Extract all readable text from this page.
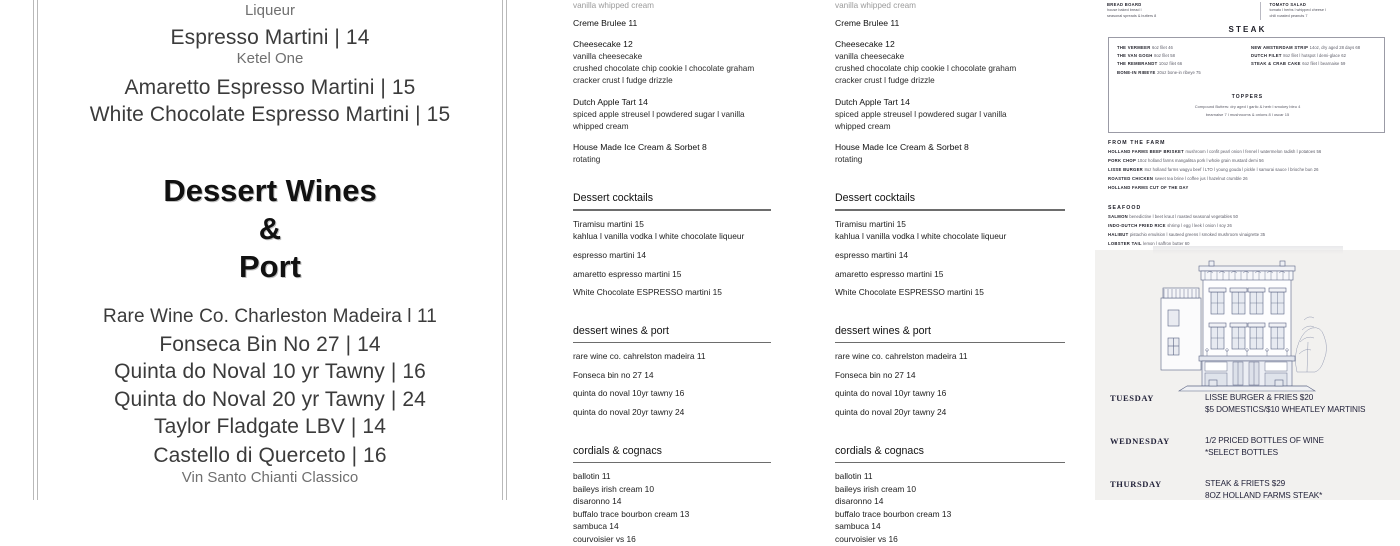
Liqueur
Espresso Martini | 14
Ketel One
Amaretto Espresso Martini | 15
White Chocolate Espresso Martini | 15
Dessert Wines
&
Port
Rare Wine Co. Charleston Madeira l 11
Fonseca Bin No 27 | 14
Quinta do Noval 10 yr Tawny | 16
Quinta do Noval 20 yr Tawny | 24
Taylor Fladgate LBV | 14
Castello di Querceto | 16
Vin Santo Chianti Classico
vanilla whipped cream
Creme Brulee 11
Cheesecake 12
vanilla cheesecake
crushed chocolate chip cookie l chocolate graham
cracker crust l fudge drizzle
Dutch Apple Tart 14
spiced apple streusel l powdered sugar l vanilla
whipped cream
House Made Ice Cream & Sorbet 8
rotating
Dessert cocktails
Tiramisu martini 15
kahlua l vanilla vodka l white chocolate liqueur
espresso martini 14
amaretto espresso martini 15
White Chocolate ESPRESSO martini 15
dessert wines & port
rare wine co. cahrelston madeira 11
Fonseca bin no 27 14
quinta do noval 10yr tawny 16
quinta do noval 20yr tawny 24
cordials & cognacs
ballotin 11
baileys irish cream 10
disaronno 14
buffalo trace bourbon cream 13
sambuca 14
courvoisier vs 16
vanilla whipped cream
Creme Brulee 11
Cheesecake 12
vanilla cheesecake
crushed chocolate chip cookie l chocolate graham
cracker crust l fudge drizzle
Dutch Apple Tart 14
spiced apple streusel l powdered sugar l vanilla
whipped cream
House Made Ice Cream & Sorbet 8
rotating
Dessert cocktails
Tiramisu martini 15
kahlua l vanilla vodka l white chocolate liqueur
espresso martini 14
amaretto espresso martini 15
White Chocolate ESPRESSO martini 15
dessert wines & port
rare wine co. cahrelston madeira 11
Fonseca bin no 27 14
quinta do noval 10yr tawny 16
quinta do noval 20yr tawny 24
cordials & cognacs
ballotin 11
baileys irish cream 10
disaronno 14
buffalo trace bourbon cream 13
sambuca 14
courvoisier vs 16
BREAD BOARD
house baked bread l
seasonal spreads & butters 8
TOMATO SALAD
tomato l herbs l whipped cheese l
chili roasted peanuts 7
STEAK
THE VERMEER 6oz filet 46
THE VAN GOGH 8oz filet 58
THE REMBRANDT 10oz filet 66
BONE-IN RIBEYE 20oz bone-in ribeye 75
NEW AMSTERDAM STRIP 14oz, dry aged 28 days 68
DUTCH FILET 8oz filet l hutspot l demi-glace 62
STEAK & CRAB CAKE 6oz filet l bearnaise 59
TOPPERS
Compound Butters: dry aged l garlic & herb l smokey bleu 4
bearnaise 7 l mushrooms & onions 8 l oscar 15
FROM THE FARM
HOLLAND FARMS BEEF BRISKET mushroom l confit pearl onion l fennel l watermelon radish l potatoes 56
PORK CHOP 10oz holland farms mangalitsa pork l whole grain mustard demi 56
LISSE BURGER 8oz holland farms wagyu beef l LTO l young gouda l pickle l samurai sauce l brioche bun 26
ROASTED CHICKEN sweet tea brine l coffee jus l hazelnut crumble 26
HOLLAND FARMS CUT OF THE DAY
SEAFOOD
SALMON benedictine l beet kraut l roasted seasonal vegetables 50
INDO-DUTCH FRIED RICE shrimp l egg l leek l onion l soy 26
HALIBUT pistachio emulsion l sauteed greens l smoked mushroom vinaigrette 35
LOBSTER TAIL lemon l saffron butter 60
TUESDAY	LISSE BURGER & FRIES $20
$5 DOMESTICS/$10 WHEATLEY MARTINIS
WEDNESDAY	1/2 PRICED BOTTLES OF WINE
*SELECT BOTTLES
THURSDAY	STEAK & FRIETS $29
8OZ HOLLAND FARMS STEAK*
